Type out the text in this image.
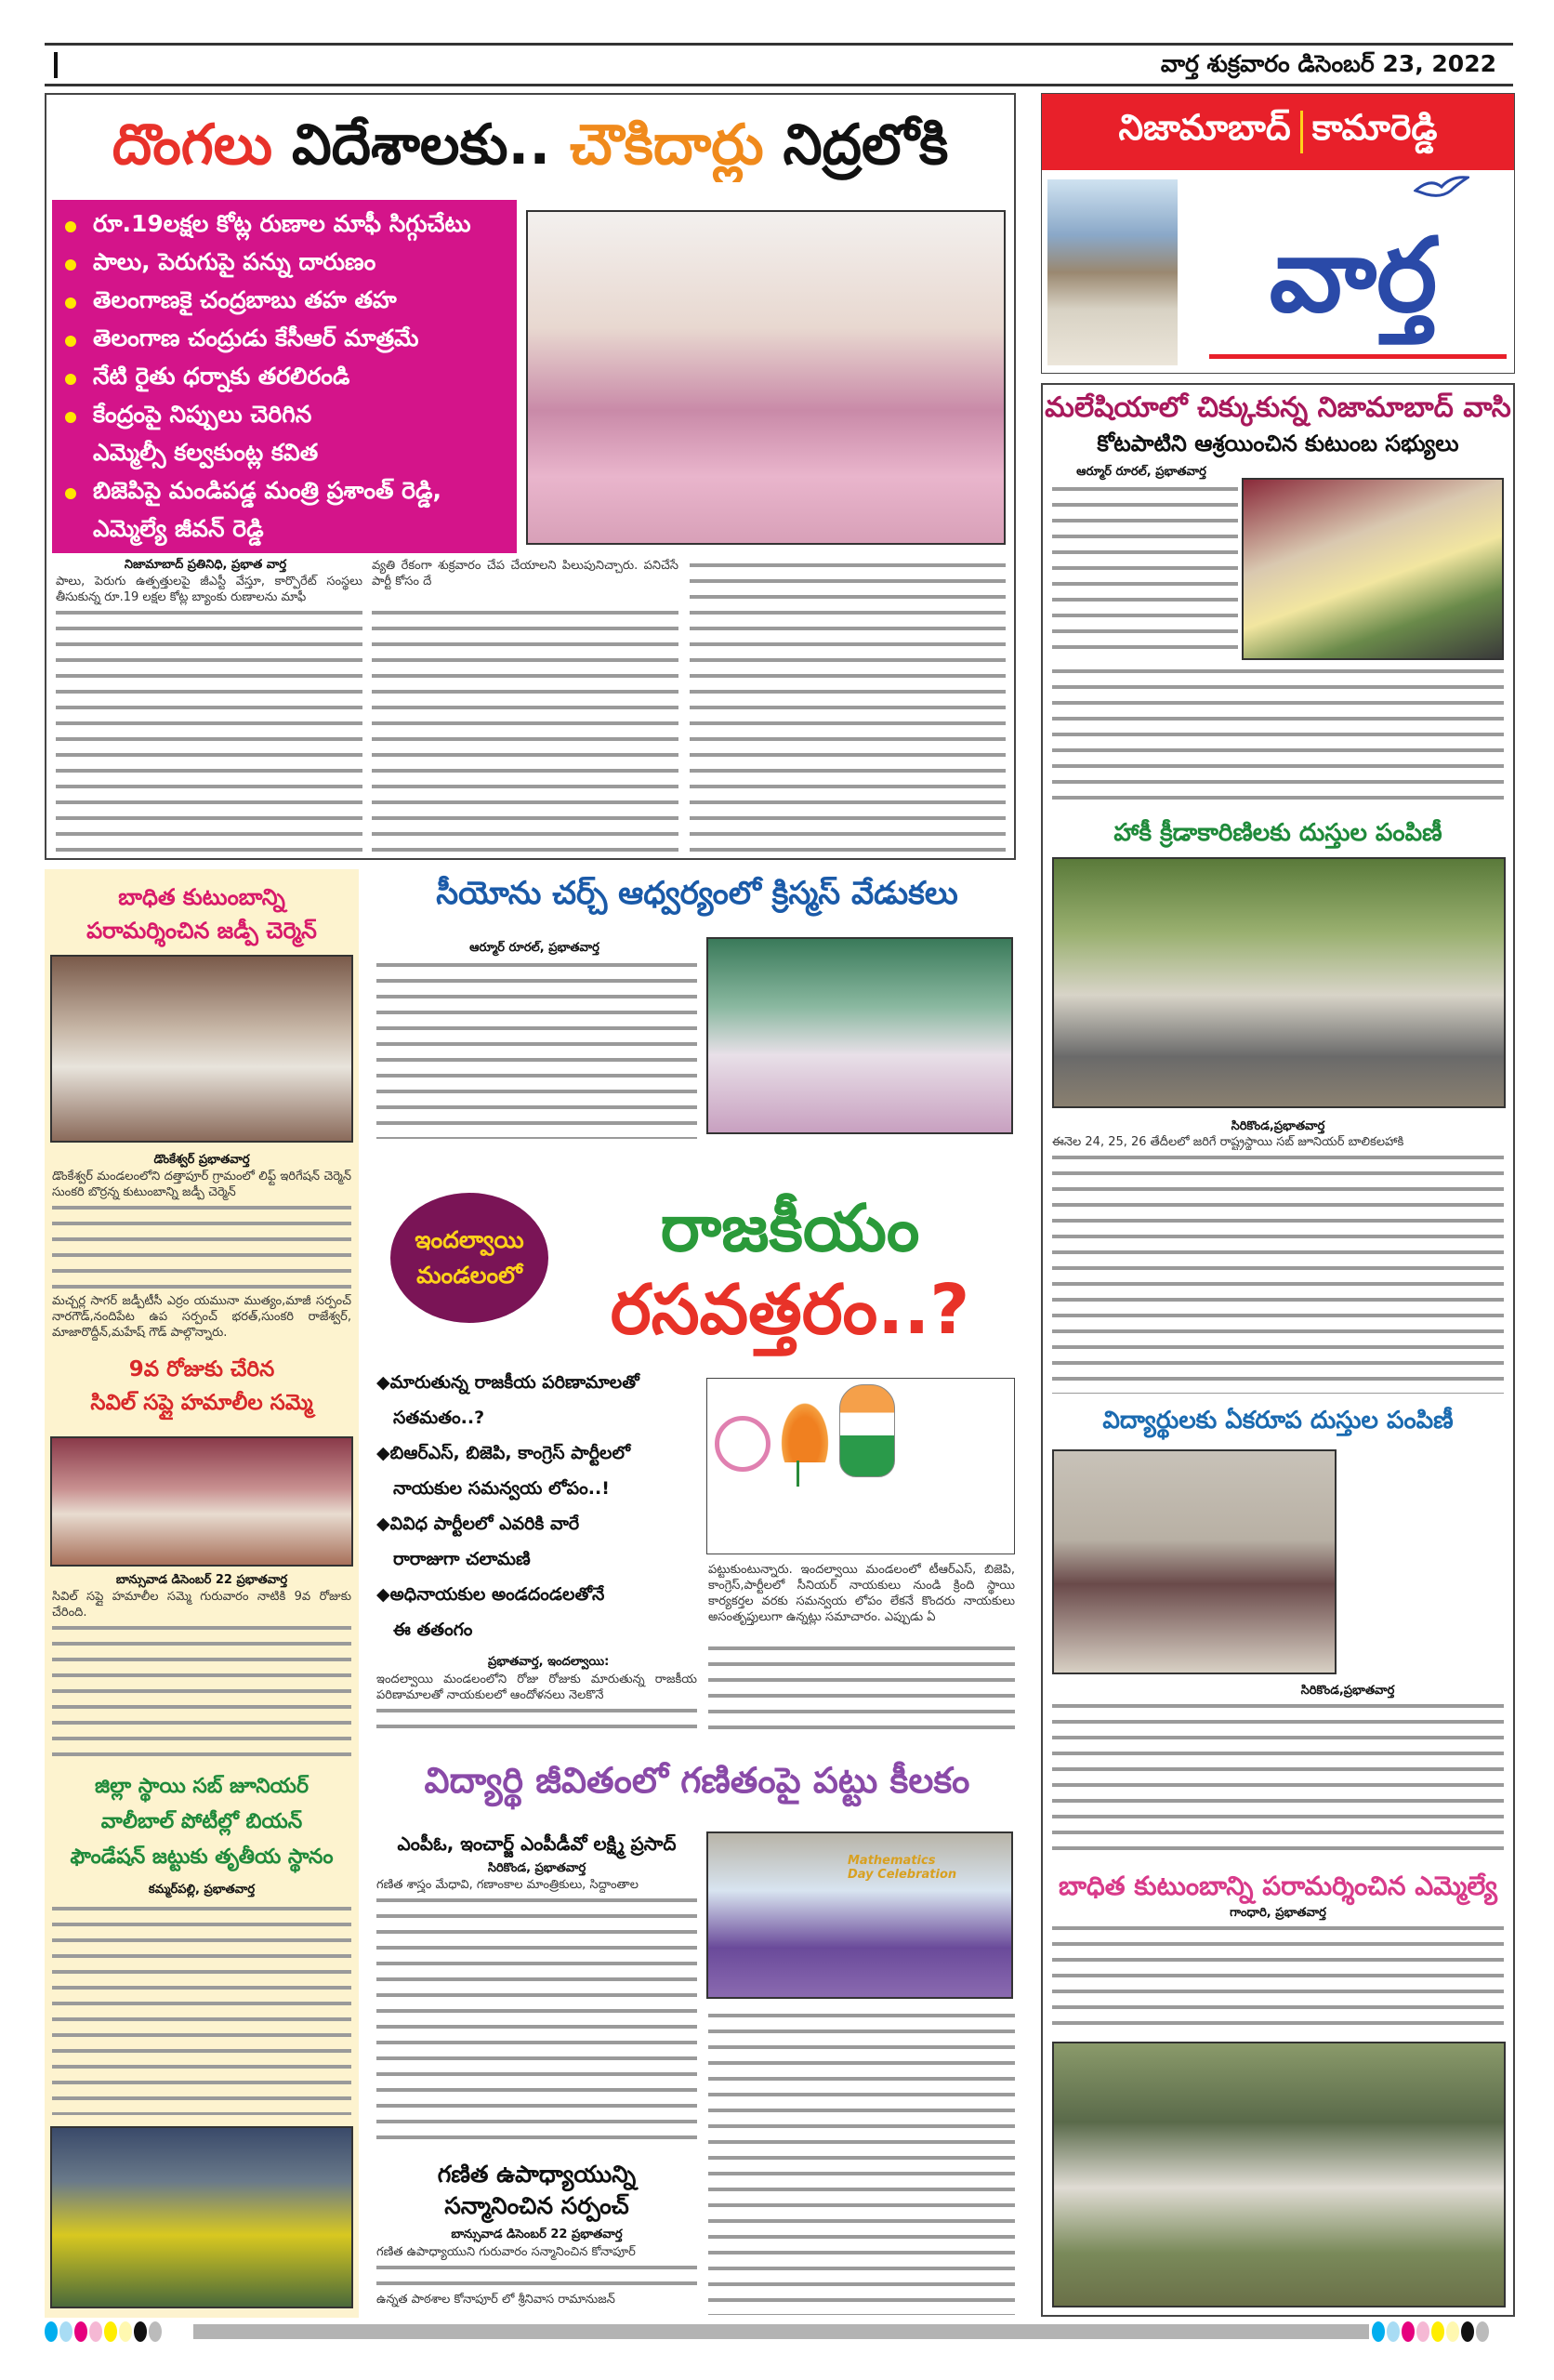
వార్త శుక్రవారం డిసెంబర్ 23, 2022
దొంగలు విదేశాలకు.. చౌకిదార్లు నిద్రలోకి
రూ.19లక్షల కోట్ల రుణాల మాఫీ సిగ్గుచేటు
పాలు, పెరుగుపై పన్ను దారుణం
తెలంగాణకై చంద్రబాబు తహ తహ
తెలంగాణ చంద్రుడు కేసీఆర్ మాత్రమే
నేటి రైతు ధర్నాకు తరలిరండి
కేంద్రంపై నిప్పులు చెరిగిన
ఎమ్మెల్సీ కల్వకుంట్ల కవిత
బిజెపిపై మండిపడ్డ మంత్రి ప్రశాంత్ రెడ్డి,
ఎమ్మెల్యే జీవన్ రెడ్డి
నిజామాబాద్ ప్రతినిధి, ప్రభాత వార్త
పాలు, పెరుగు ఉత్పత్తులపై జీఎస్టీ వేస్తూ, కార్పొరేట్ సంస్థలు తీసుకున్న రూ.19 లక్షల కోట్ల బ్యాంకు రుణాలను మాఫీ
వ్యతి రేకంగా శుక్రవారం చేప చేయాలని పిలుపునిచ్చారు. పనిచేసే పార్టీ కోసం దే
నిజామాబాద్ కామారెడ్డి
వార్త
మలేషియాలో చిక్కుకున్న నిజామాబాద్ వాసి
కోటపాటిని ఆశ్రయించిన కుటుంబ సభ్యులు
ఆర్మూర్ రూరల్, ప్రభాతవార్త
హాకీ క్రీడాకారిణిలకు దుస్తుల పంపిణీ
సిరికొండ,ప్రభాతవార్త
ఈనెల 24, 25, 26 తేదీలలో జరిగే రాష్ట్రస్థాయి సబ్ జూనియర్ బాలికలహాకి
విద్యార్థులకు ఏకరూప దుస్తుల పంపిణీ
సిరికొండ,ప్రభాతవార్త
బాధిత కుటుంబాన్ని పరామర్శించిన ఎమ్మెల్యే
గాంధారి, ప్రభాతవార్త
బాధిత కుటుంబాన్ని
పరామర్శించిన జడ్పీ చెర్మెన్
డొంకేశ్వర్ ప్రభాతవార్త
డొంకేశ్వర్ మండలంలోని దత్తాపూర్ గ్రామంలో లిఫ్ట్ ఇరిగేషన్ చెర్మెన్ సుంకరి బొర్రన్న కుటుంబాన్ని జడ్పీ చెర్మెన్
మచ్చర్ల సాగర్ జడ్పీటీసీ ఎర్రం యమునా ముత్యం,మాజీ సర్పంచ్ నారగౌడ్,నందిపేట ఉప సర్పంచ్ భరత్,సుంకరి రాజేశ్వర్, మాజారొద్దీన్,మహేష్ గౌడ్ పాల్గొన్నారు.
9వ రోజుకు చేరిన
సివిల్ సప్లై హమాలీల సమ్మె
బాన్సువాడ డిసెంబర్ 22 ప్రభాతవార్త
సివిల్ సప్లై హమాలీల సమ్మె గురువారం నాటికి 9వ రోజుకు చేరింది.
జిల్లా స్థాయి సబ్ జూనియర్
వాలీబాల్ పోటీల్లో బియన్
ఫౌండేషన్ జట్టుకు తృతీయ స్థానం
కమ్మర్‌పల్లి, ప్రభాతవార్త
సీయోను చర్చ్ ఆధ్వర్యంలో క్రిస్మస్ వేడుకలు
ఆర్మూర్ రూరల్, ప్రభాతవార్త
ఇందల్వాయి
మండలంలో
రాజకీయం
రసవత్తరం..?
◆మారుతున్న రాజకీయ పరిణామాలతో
సతమతం..?
◆బిఆర్ఎస్, బిజెపి, కాంగ్రెస్ పార్టీలలో
నాయకుల సమన్వయ లోపం..!
◆వివిధ పార్టీలలో ఎవరికి వారే
రారాజుగా చలామణి
◆అధినాయకుల అండదండలతోనే
ఈ తతంగం
పట్టుకుంటున్నారు. ఇందల్వాయి మండలంలో టీఆర్ఎస్, బిజెపి, కాంగ్రెస్,పార్టీలలో సీనియర్ నాయకులు నుండి క్రింది స్థాయి కార్యకర్తల వరకు సమన్వయ లోపం లేకనే కొందరు నాయకులు అసంతృప్తులుగా ఉన్నట్లు సమాచారం. ఎప్పుడు ఏ
ప్రభాతవార్త, ఇందల్వాయి:
ఇందల్వాయి మండలంలోని రోజు రోజుకు మారుతున్న రాజకీయ పరిణామాలతో నాయకులలో ఆందోళనలు నెలకొనే
విద్యార్థి జీవితంలో గణితంపై పట్టు కీలకం
ఎంపీఓ, ఇంచార్జ్ ఎంపీడీవో లక్ష్మి ప్రసాద్
సిరికొండ, ప్రభాతవార్త
గణిత శాస్త్రం మేధావి, గణాంకాల మాంత్రికులు, సిద్ధాంతాల
Mathematics Day Celebration
గణిత ఉపాధ్యాయున్ని
సన్మానించిన సర్పంచ్
బాన్సువాడ డిసెంబర్ 22 ప్రభాతవార్త
గణిత ఉపాధ్యాయుని గురువారం సన్మానించిన కోనాపూర్
ఉన్నత పాఠశాల కోనాపూర్ లో శ్రీనివాస రామానుజన్
